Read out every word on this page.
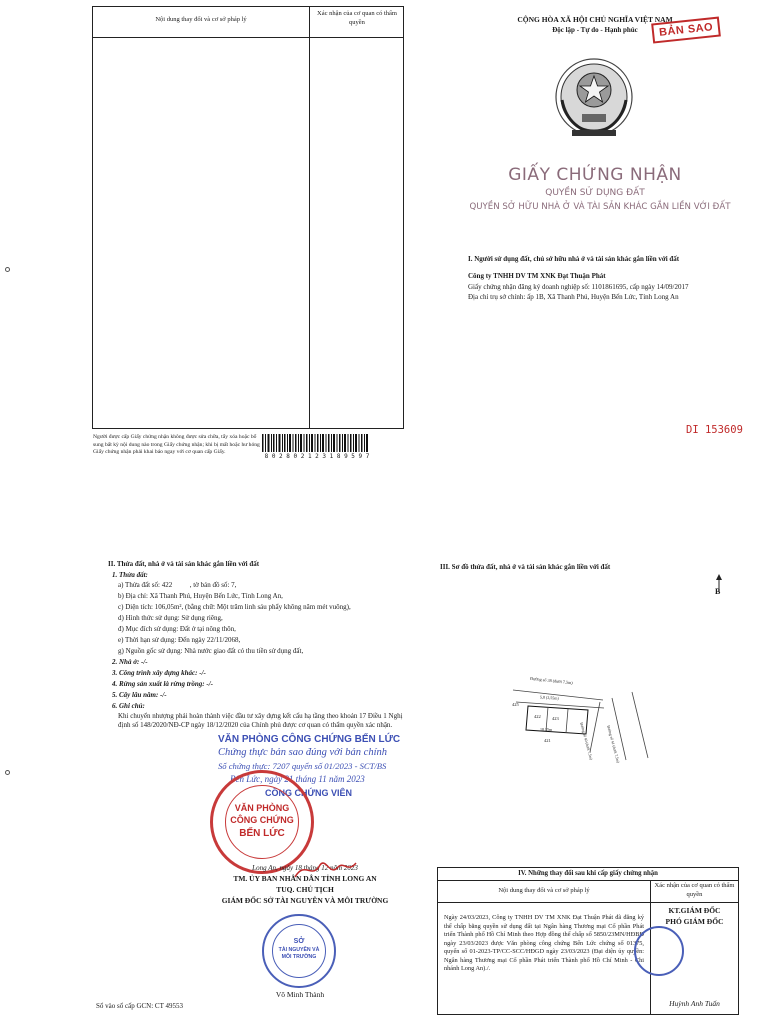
Nội dung thay đổi và cơ sở pháp lý
Xác nhận của cơ quan có thẩm quyền
Người được cấp Giấy chứng nhận không được sửa chữa, tẩy xóa hoặc bổ sung bất kỳ nội dung nào trong Giấy chứng nhận; khi bị mất hoặc hư hỏng Giấy chứng nhận phải khai báo ngay với cơ quan cấp Giấy.
8 0 2 8 0 2 1 2 3 1 8 9 5 9 7
CỘNG HÒA XÃ HỘI CHỦ NGHĨA VIỆT NAM
Độc lập - Tự do - Hạnh phúc	BẢN SAO
GIẤY CHỨNG NHẬN
QUYỀN SỬ DỤNG ĐẤT
QUYỀN SỞ HỮU NHÀ Ở VÀ TÀI SẢN KHÁC GẮN LIỀN VỚI ĐẤT
I. Người sử dụng đất, chủ sở hữu nhà ở và tài sản khác gắn liền với đất
Công ty TNHH DV TM XNK Đạt Thuận Phát
Giấy chứng nhận đăng ký doanh nghiệp số: 1101861695, cấp ngày 14/09/2017
Địa chỉ trụ sở chính: ấp 1B, Xã Thanh Phú, Huyện Bến Lức, Tỉnh Long An
DI 153609
II. Thửa đất, nhà ở và tài sản khác gắn liền với đất
1. Thửa đất:
a) Thửa đất số: 422          , tờ bản đồ số: 7,
b) Địa chỉ: Xã Thanh Phú, Huyện Bến Lức, Tỉnh Long An,
c) Diện tích: 106,05m², (bằng chữ: Một trăm linh sáu phẩy không năm mét vuông),
d) Hình thức sử dụng: Sử dụng riêng,
đ) Mục đích sử dụng: Đất ở tại nông thôn,
e) Thời hạn sử dụng: Đến ngày 22/11/2068,
g) Nguồn gốc sử dụng: Nhà nước giao đất có thu tiền sử dụng đất,
2. Nhà ở: -/-
3. Công trình xây dựng khác: -/-
4. Rừng sản xuất là rừng trồng: -/-
5. Cây lâu năm: -/-
6. Ghi chú:
Khi chuyển nhượng phải hoàn thành việc đầu tư xây dựng kết cấu hạ tầng theo khoản 17 Điều 1 Nghị định số 148/2020/NĐ-CP ngày 18/12/2020 của Chính phủ được cơ quan có thẩm quyền xác nhận.
VĂN PHÒNG CÔNG CHỨNG BẾN LỨC
Chứng thực bản sao đúng với bản chính
Số chứng thực: 7207 quyển số 01/2023 - SCT/BS
Bến Lức, ngày 21 tháng 11 năm 2023
CÔNG CHỨNG VIÊN
VĂN PHÒNG
CÔNG CHỨNG
BẾN LỨC
Long An, ngày 18 tháng 12 năm 2023
TM. ỦY BAN NHÂN DÂN TỈNH LONG AN
TUQ. CHỦ TỊCH
GIÁM ĐỐC SỞ TÀI NGUYÊN VÀ MÔI TRƯỜNG
SỞ
TÀI NGUYÊN VÀ MÔI TRƯỜNG
Võ Minh Thành
Sổ vào sổ cấp GCN: CT 49553
III. Sơ đồ thửa đất, nhà ở và tài sản khác gắn liền với đất
B
Đường số 38 (dưới 7,5m)
5,8 (3,55m)
425
422	423
18,35m
421	Đường số 40 (dưới 7,5m)	Đường số 41 (dưới 7,5m)
IV. Những thay đổi sau khi cấp giấy chứng nhận
Nội dung thay đổi và cơ sở pháp lý
Xác nhận của cơ quan có thẩm quyền
Ngày 24/03/2023, Công ty TNHH DV TM XNK Đạt Thuận Phát đã đăng ký thế chấp bằng quyền sử dụng đất tại Ngân hàng Thương mại Cổ phần Phát triển Thành phố Hồ Chí Minh theo Hợp đồng thế chấp số 5850/23MN/HĐBĐ ngày 23/03/2023 được Văn phòng công chứng Bến Lức chứng số 01375, quyển số 01-2023-TP/CC-SCC/HĐGD ngày 23/03/2023 (Đại diện ủy quyền: Ngân hàng Thương mại Cổ phần Phát triển Thành phố Hồ Chí Minh - Chi nhánh Long An)./.
KT.GIÁM ĐỐC
PHÓ GIÁM ĐỐC
Huỳnh Anh Tuấn
